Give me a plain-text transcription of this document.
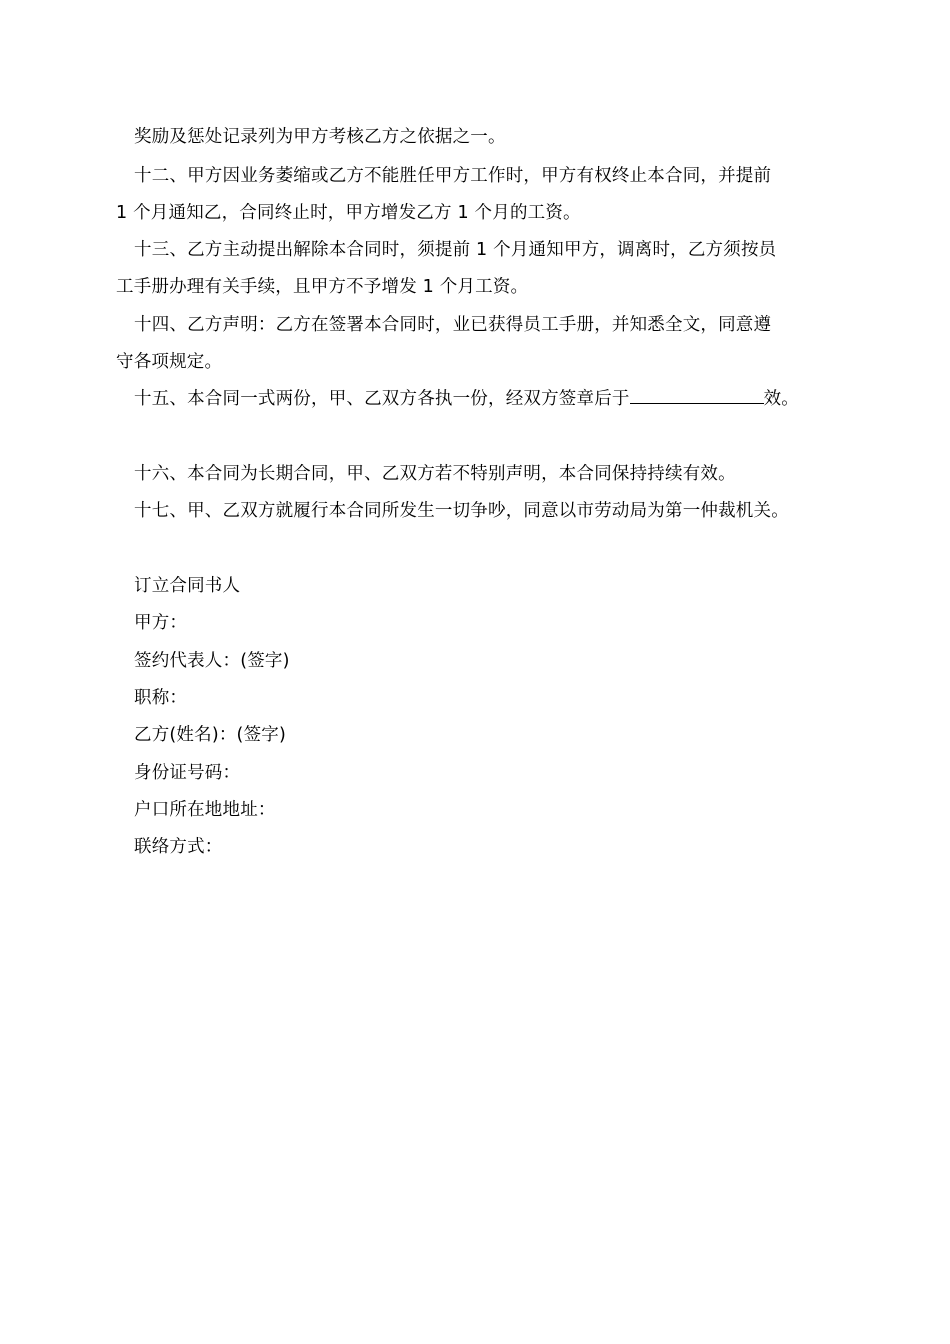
奖励及惩处记录列为甲方考核乙方之依据之一。
十二、甲方因业务萎缩或乙方不能胜任甲方工作时，甲方有权终止本合同，并提前
1 个月通知乙，合同终止时，甲方增发乙方 1 个月的工资。
十三、乙方主动提出解除本合同时，须提前 1 个月通知甲方，调离时，乙方须按员
工手册办理有关手续，且甲方不予增发 1 个月工资。
十四、乙方声明：乙方在签署本合同时，业已获得员工手册，并知悉全文，同意遵
守各项规定。
十五、本合同一式两份，甲、乙双方各执一份，经双方签章后于	效。
十六、本合同为长期合同，甲、乙双方若不特别声明，本合同保持持续有效。
十七、甲、乙双方就履行本合同所发生一切争吵，同意以市劳动局为第一仲裁机关。
订立合同书人
甲方：
签约代表人：(签字)
职称：
乙方(姓名)：(签字)
身份证号码：
户口所在地地址：
联络方式：
